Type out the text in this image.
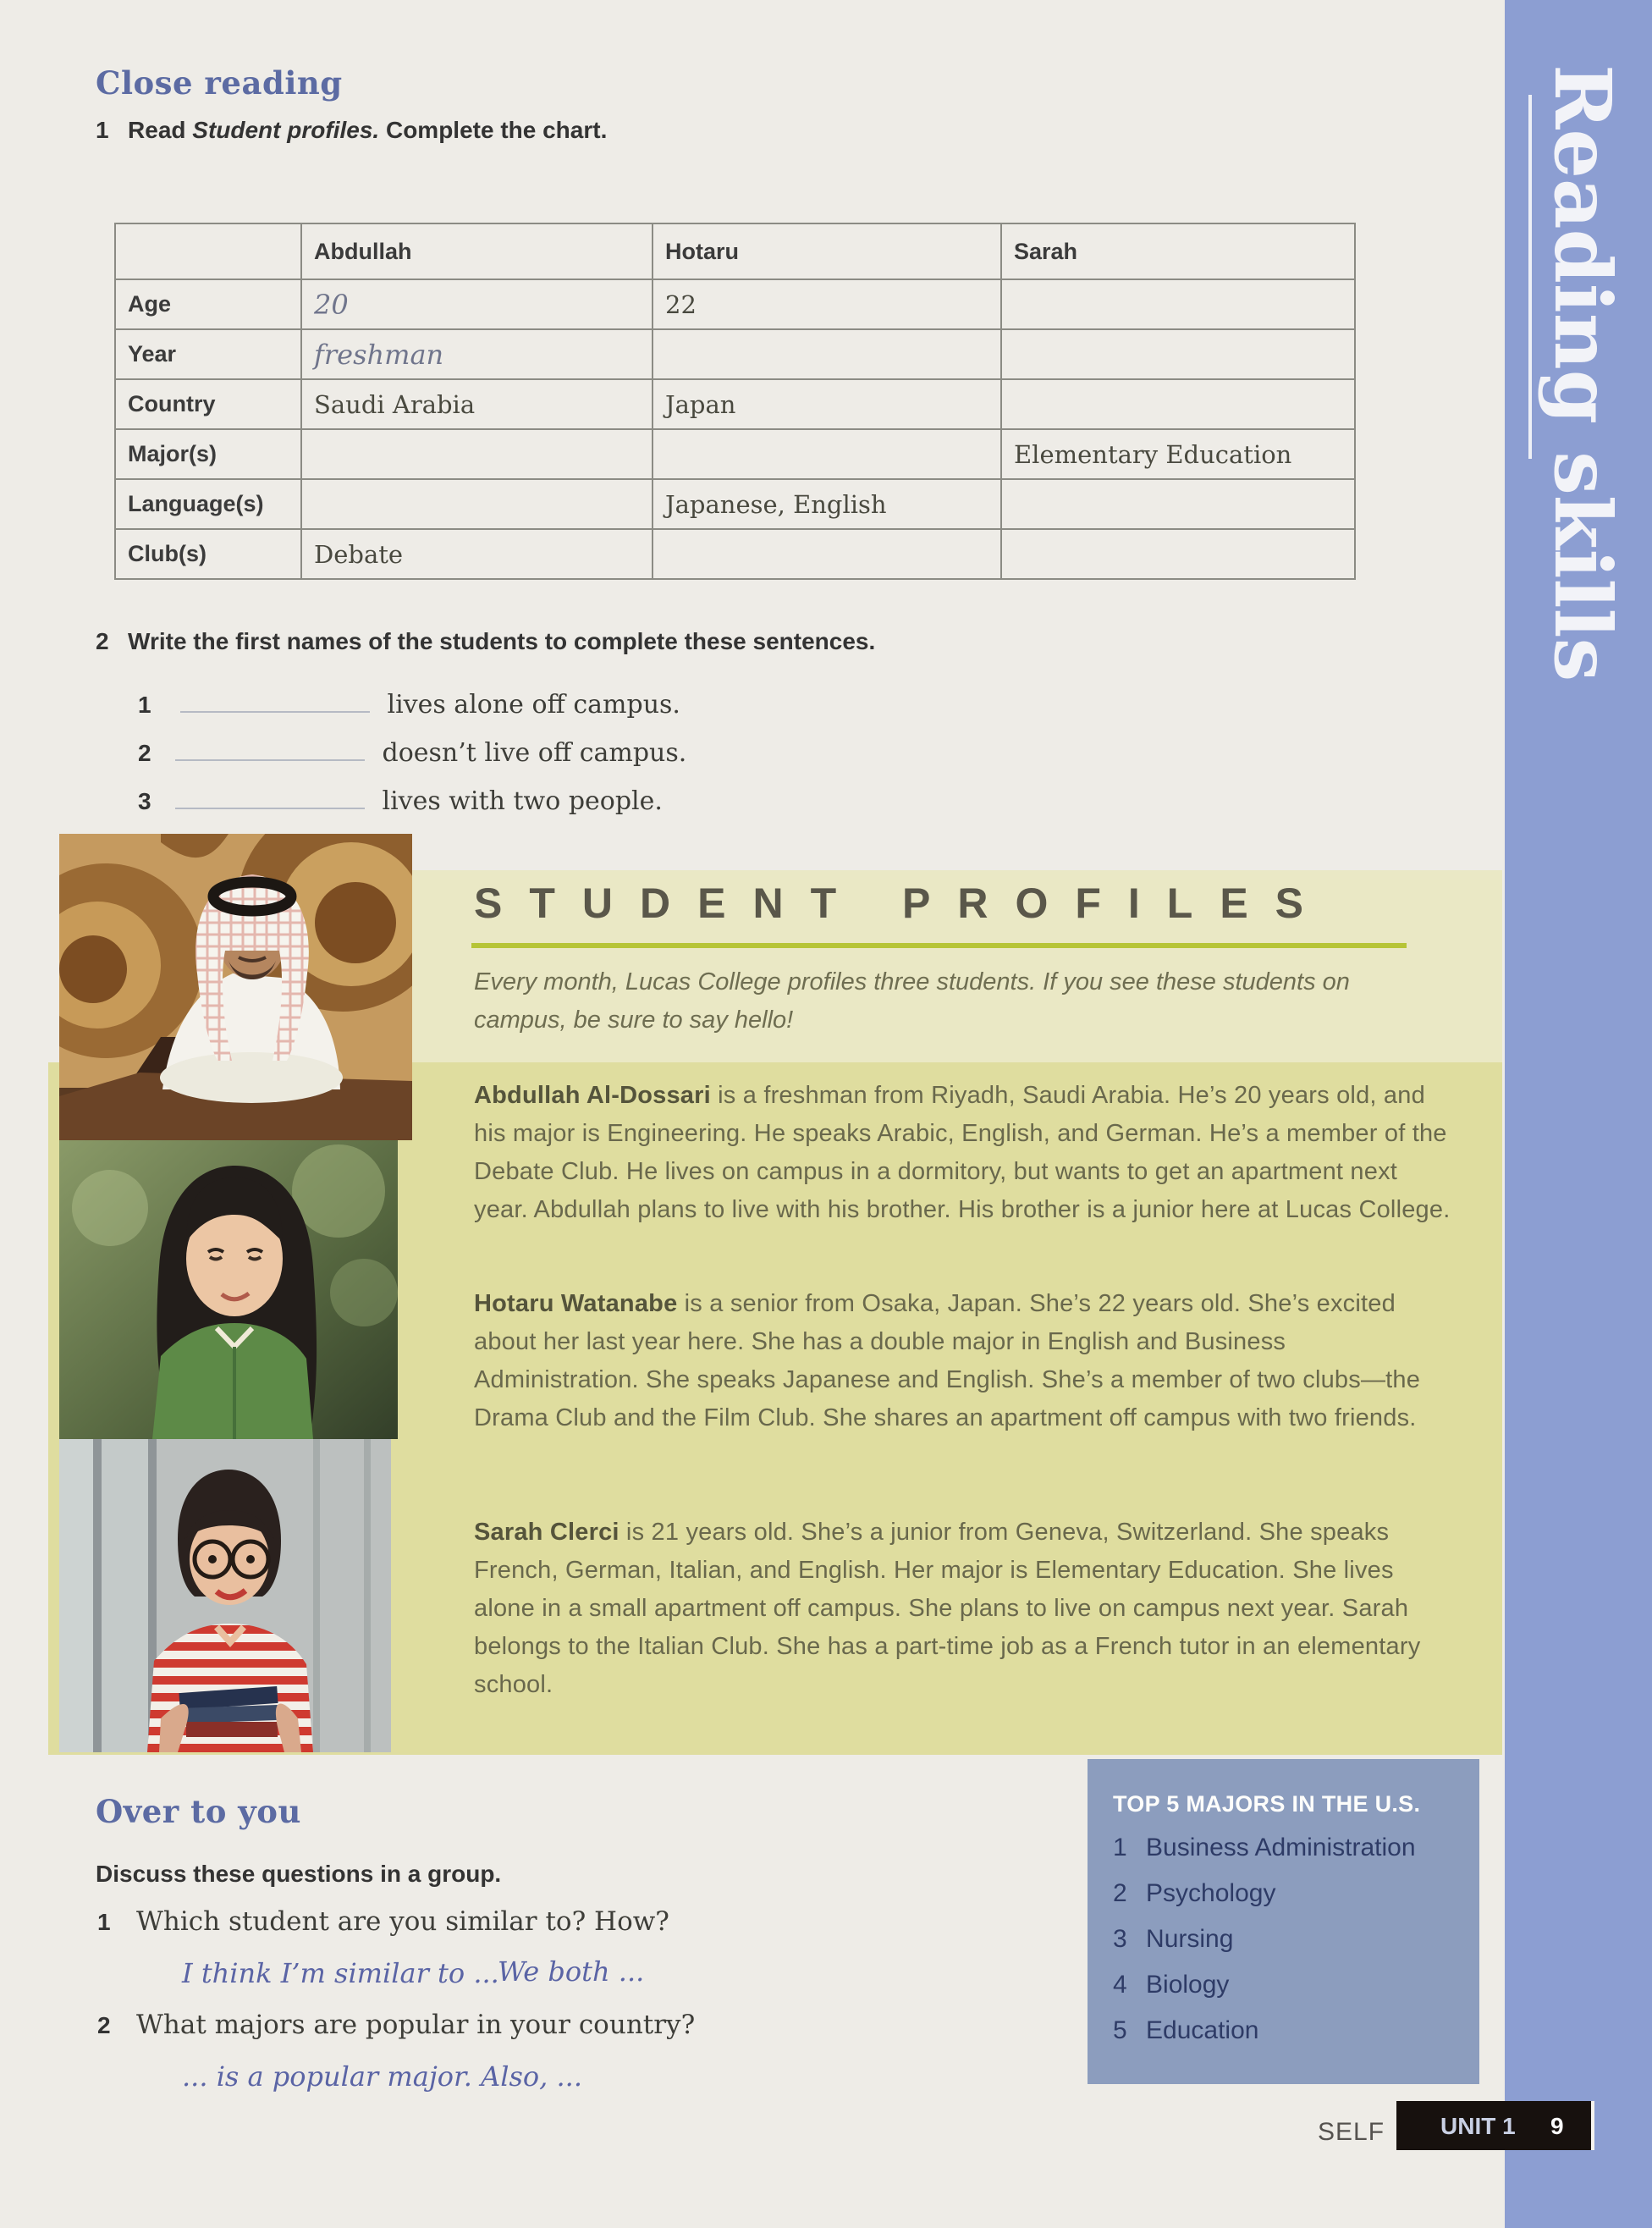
Reading skills
Close reading
1 Read Student profiles. Complete the chart.
	Abdullah	Hotaru	Sarah
Age	20	22	
Year	freshman		
Country	Saudi Arabia	Japan	
Major(s)			Elementary Education
Language(s)		Japanese, English	
Club(s)	Debate		
2 Write the first names of the students to complete these sentences.
1	lives alone off campus.
2	doesn’t live off campus.
3	lives with two people.
STUDENT PROFILES
Every month, Lucas College profiles three students. If you see these students on campus, be sure to say hello!
Abdullah Al-Dossari is a freshman from Riyadh, Saudi Arabia. He’s 20 years old, and his major is Engineering. He speaks Arabic, English, and German. He’s a member of the Debate Club. He lives on campus in a dormitory, but wants to get an apartment next year. Abdullah plans to live with his brother. His brother is a junior here at Lucas College.
Hotaru Watanabe is a senior from Osaka, Japan. She’s 22 years old. She’s excited about her last year here. She has a double major in English and Business Administration. She speaks Japanese and English. She’s a member of two clubs—the Drama Club and the Film Club. She shares an apartment off campus with two friends.
Sarah Clerci is 21 years old. She’s a junior from Geneva, Switzerland. She speaks French, German, Italian, and English. Her major is Elementary Education. She lives alone in a small apartment off campus. She plans to live on campus next year. Sarah belongs to the Italian Club. She has a part-time job as a French tutor in an elementary school.
Over to you
Discuss these questions in a group.
1 Which student are you similar to? How?
I think I’m similar to ...
We both ...
2 What majors are popular in your country?
... is a popular major. Also, ...
TOP 5 MAJORS IN THE U.S.
1 Business Administration
2 Psychology
3 Nursing
4 Biology
5 Education
SELF UNIT 1 9
